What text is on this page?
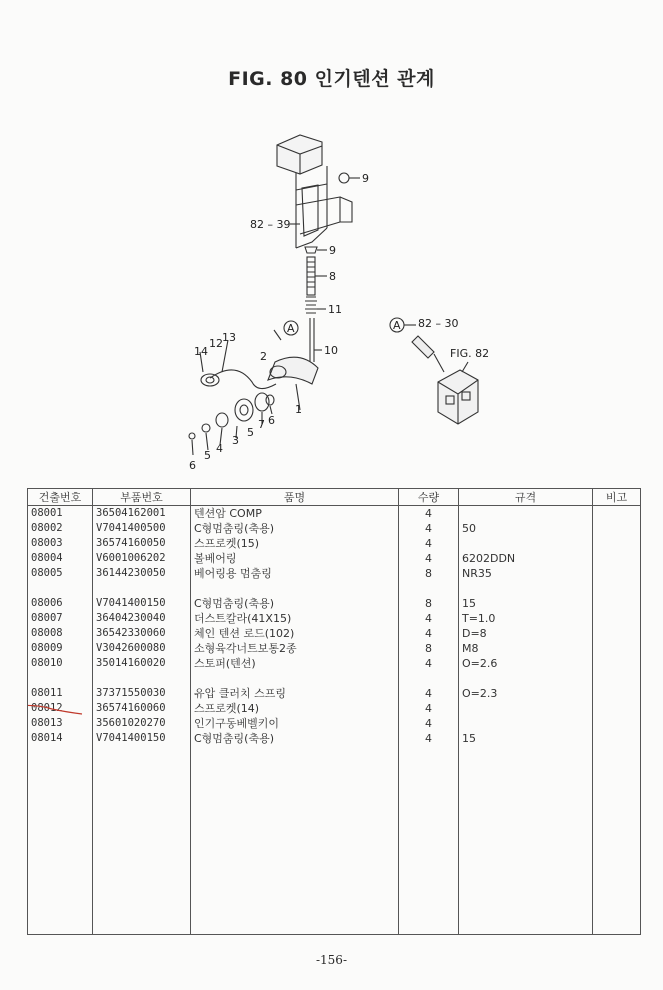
FIG. 80 인기텐션 관계
9
82 – 39
9
8
11
10
14
12 13
2
1
7 6
5
3
4
5
6
A	A 82 – 30
FIG. 82
건출번호	부품번호	품명	수량	규격	비고
08001	36504162001	텐션암 COMP	4		
08002	V7041400500	C형멈춤링(축용)	4	50	
08003	36574160050	스프로켓(15)	4		
08004	V6001006202	볼베어링	4	6202DDN	
08005	36144230050	베어링용 멈춤링	8	NR35	

08006	V7041400150	C형멈춤링(축용)	8	15	
08007	36404230040	더스트칼라(41X15)	4	T=1.0	
08008	36542330060	체인 텐션 로드(102)	4	D=8	
08009	V3042600080	소형육각너트보통2종	8	M8	
08010	35014160020	스토퍼(텐션)	4	O=2.6	

08011	37371550030	유압 클러치 스프링	4	O=2.3	
08012	36574160060	스프로켓(14)	4		
08013	35601020270	인기구동베벨키이	4		
08014	V7041400150	C형멈춤링(축용)	4	15	

-156-
